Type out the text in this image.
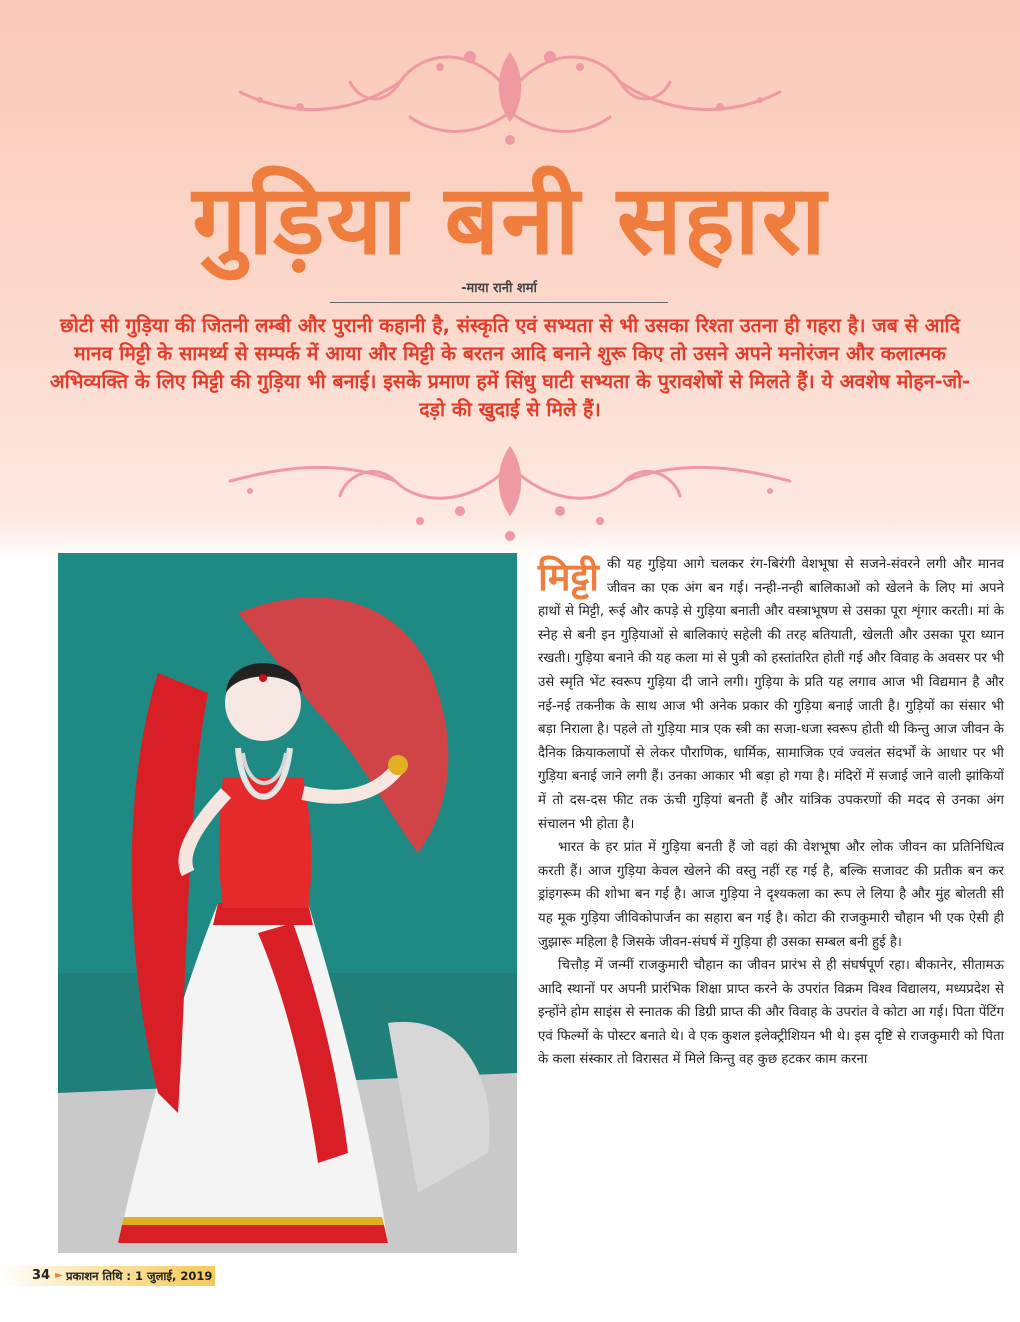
गुड़िया बनी सहारा
-माया रानी शर्मा
छोटी सी गुड़िया की जितनी लम्बी और पुरानी कहानी है, संस्कृति एवं सभ्यता से भी उसका रिश्ता उतना ही गहरा है। जब से आदि मानव मिट्टी के सामर्थ्य से सम्पर्क में आया और मिट्टी के बरतन आदि बनाने शुरू किए तो उसने अपने मनोरंजन और कलात्मक अभिव्यक्ति के लिए मिट्टी की गुड़िया भी बनाई। इसके प्रमाण हमें सिंधु घाटी सभ्यता के पुरावशेषों से मिलते हैं। ये अवशेष मोहन-जो-दड़ो की खुदाई से मिले हैं।

मिट्टी की यह गुड़िया आगे चलकर रंग-बिरंगी वेशभूषा से सजने-संवरने लगी और मानव जीवन का एक अंग बन गई। नन्ही-नन्ही बालिकाओं को खेलने के लिए मां अपने हाथों से मिट्टी, रूई और कपड़े से गुड़िया बनाती और वस्त्राभूषण से उसका पूरा शृंगार करती। मां के स्नेह से बनी इन गुड़ियाओं से बालिकाएं सहेली की तरह बतियाती, खेलती और उसका पूरा ध्यान रखती। गुड़िया बनाने की यह कला मां से पुत्री को हस्तांतरित होती गई और विवाह के अवसर पर भी उसे स्मृति भेंट स्वरूप गुड़िया दी जाने लगी। गुड़िया के प्रति यह लगाव आज भी विद्यमान है और नई-नई तकनीक के साथ आज भी अनेक प्रकार की गुड़िया बनाई जाती है। गुड़ियों का संसार भी बड़ा निराला है। पहले तो गुड़िया मात्र एक स्त्री का सजा-धजा स्वरूप होती थी किन्तु आज जीवन के दैनिक क्रियाकलापों से लेकर पौराणिक, धार्मिक, सामाजिक एवं ज्वलंत संदर्भों के आधार पर भी गुड़िया बनाई जाने लगी हैं। उनका आकार भी बड़ा हो गया है। मंदिरों में सजाई जाने वाली झांकियों में तो दस-दस फीट तक ऊंची गुड़ियां बनती हैं और यांत्रिक उपकरणों की मदद से उनका अंग संचालन भी होता है।

भारत के हर प्रांत में गुड़िया बनती हैं जो वहां की वेशभूषा और लोक जीवन का प्रतिनिधित्व करती हैं। आज गुड़िया केवल खेलने की वस्तु नहीं रह गई है, बल्कि सजावट की प्रतीक बन कर ड्रांइगरूम की शोभा बन गई है। आज गुड़िया ने दृश्यकला का रूप ले लिया है और मुंह बोलती सी यह मूक गुड़िया जीविकोपार्जन का सहारा बन गई है। कोटा की राजकुमारी चौहान भी एक ऐसी ही जुझारू महिला है जिसके जीवन-संघर्ष में गुड़िया ही उसका सम्बल बनी हुई है।

चित्तौड़ में जन्मीं राजकुमारी चौहान का जीवन प्रारंभ से ही संघर्षपूर्ण रहा। बीकानेर, सीतामऊ आदि स्थानों पर अपनी प्रारंभिक शिक्षा प्राप्त करने के उपरांत विक्रम विश्व विद्यालय, मध्यप्रदेश से इन्होंने होम साइंस से स्नातक की डिग्री प्राप्त की और विवाह के उपरांत वे कोटा आ गई। पिता पेंटिंग एवं फिल्मों के पोस्टर बनाते थे। वे एक कुशल इलेक्ट्रीशियन भी थे। इस दृष्टि से राजकुमारी को पिता के कला संस्कार तो विरासत में मिले किन्तु वह कुछ हटकर काम करना

34 ► प्रकाशन तिथि : 1 जुलाई, 2019
